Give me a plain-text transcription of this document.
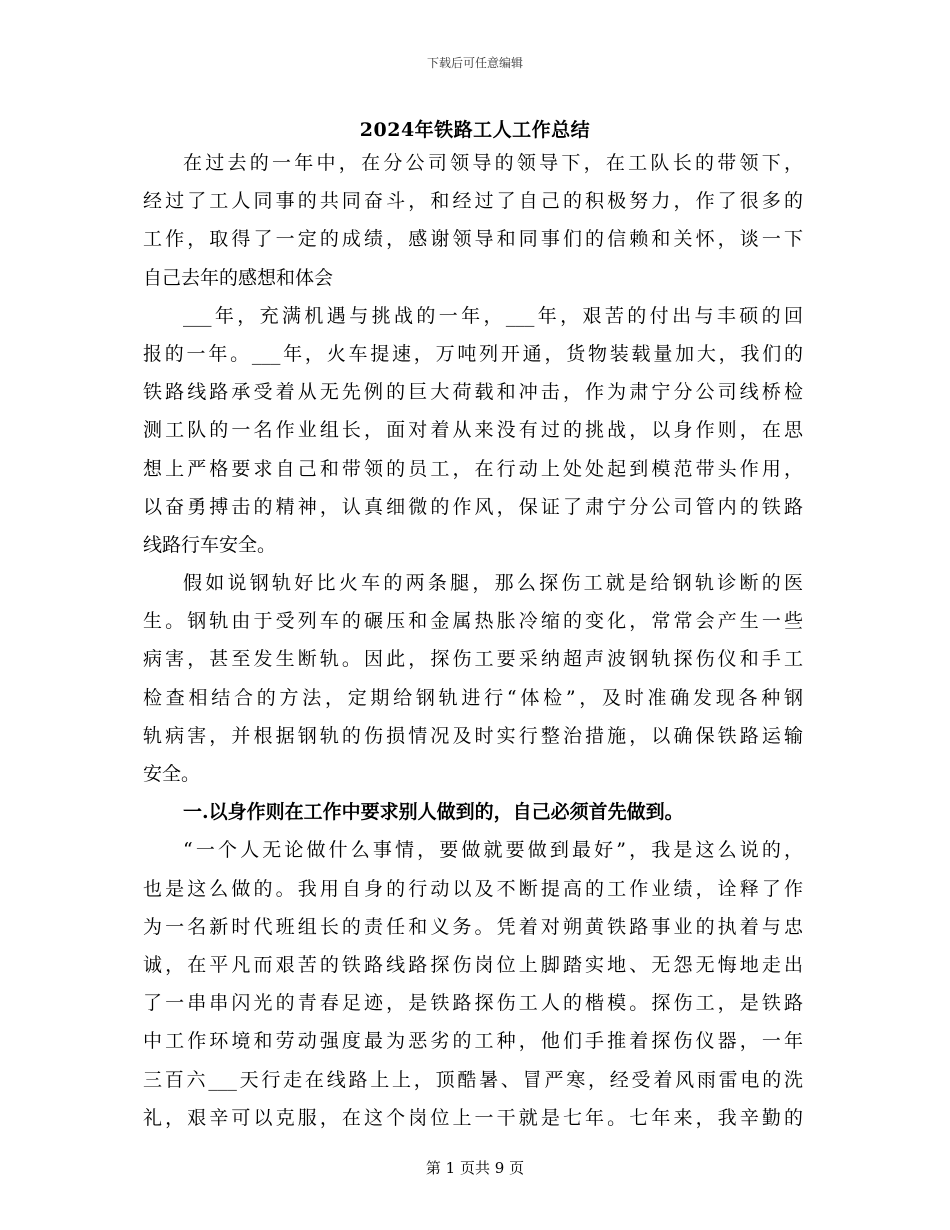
下载后可任意编辑
2024年铁路工人工作总结
在过去的一年中，在分公司领导的领导下，在工队长的带领下，
经过了工人同事的共同奋斗，和经过了自己的积极努力，作了很多的
工作，取得了一定的成绩，感谢领导和同事们的信赖和关怀，谈一下
自己去年的感想和体会
___年，充满机遇与挑战的一年，___年，艰苦的付出与丰硕的回
报的一年。___年，火车提速，万吨列开通，货物装载量加大，我们的
铁路线路承受着从无先例的巨大荷载和冲击，作为肃宁分公司线桥检
测工队的一名作业组长，面对着从来没有过的挑战，以身作则，在思
想上严格要求自己和带领的员工，在行动上处处起到模范带头作用，
以奋勇搏击的精神，认真细微的作风，保证了肃宁分公司管内的铁路
线路行车安全。
假如说钢轨好比火车的两条腿，那么探伤工就是给钢轨诊断的医
生。钢轨由于受列车的碾压和金属热胀冷缩的变化，常常会产生一些
病害，甚至发生断轨。因此，探伤工要采纳超声波钢轨探伤仪和手工
检查相结合的方法，定期给钢轨进行“体检”，及时准确发现各种钢
轨病害，并根据钢轨的伤损情况及时实行整治措施，以确保铁路运输
安全。
一.以身作则在工作中要求别人做到的，自己必须首先做到。
“一个人无论做什么事情，要做就要做到最好”，我是这么说的，
也是这么做的。我用自身的行动以及不断提高的工作业绩，诠释了作
为一名新时代班组长的责任和义务。凭着对朔黄铁路事业的执着与忠
诚，在平凡而艰苦的铁路线路探伤岗位上脚踏实地、无怨无悔地走出
了一串串闪光的青春足迹，是铁路探伤工人的楷模。探伤工，是铁路
中工作环境和劳动强度最为恶劣的工种，他们手推着探伤仪器，一年
三百六___天行走在线路上上，顶酷暑、冒严寒，经受着风雨雷电的洗
礼，艰辛可以克服，在这个岗位上一干就是七年。七年来，我辛勤的
第 1 页共 9 页
